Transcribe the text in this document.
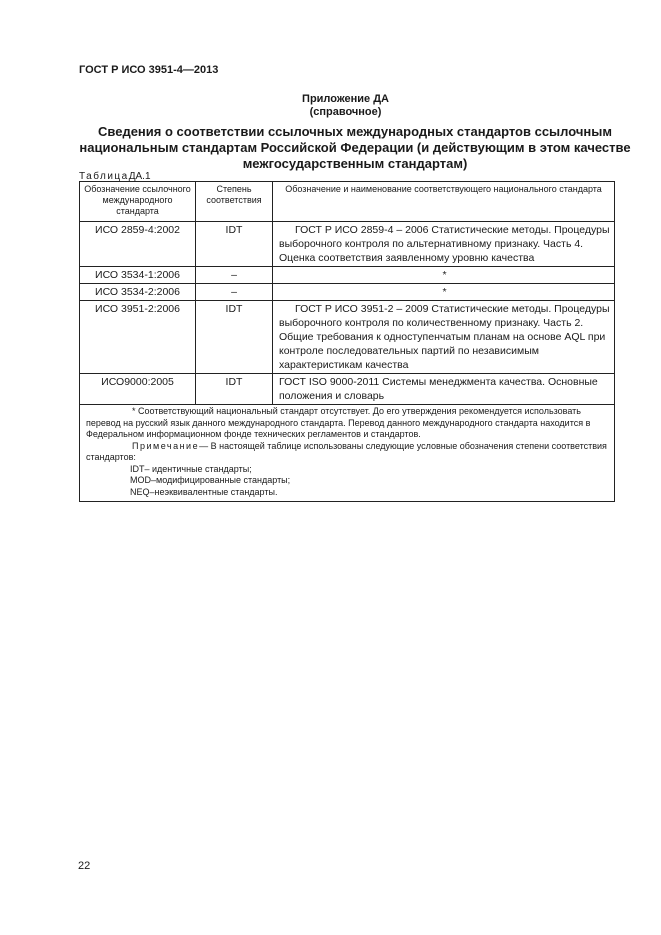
ГОСТ Р ИСО 3951-4—2013
Приложение ДА
(справочное)
Сведения о соответствии ссылочных международных стандартов ссылочным национальным стандартам Российской Федерации (и действующим в этом качестве межгосударственным стандартам)
ТаблицаДА.1
Обозначение ссылочного международного стандарта	Степень соответствия	Обозначение и наименование соответствующего национального стандарта
ИСО 2859-4:2002	IDT	ГОСТ Р ИСО 2859-4 – 2006 Статистические методы. Процедуры выборочного контроля по альтернативному признаку. Часть 4. Оценка соответствия заявленному уровню качества

ИСО 3534-1:2006	–	*
ИСО 3534-2:2006	–	*
ИСО 3951-2:2006	IDT	ГОСТ Р ИСО 3951-2 – 2009 Статистические методы. Процедуры выборочного контроля по количественному признаку. Часть 2. Общие требования к одноступенчатым планам на основе AQL при контроле последовательных партий по независимым характеристикам качества

ИСО9000:2005	IDT	ГОСТ ISO 9000-2011 Системы менеджмента качества. Основные положения и словарь

* Соответствующий национальный стандарт отсутствует. До его утверждения рекомендуется использовать перевод на русский язык данного международного стандарта. Перевод данного международного стандарта находится в Федеральном информационном фонде технических регламентов и стандартов.
Примечание— В настоящей таблице использованы следующие условные обозначения степени соответствия стандартов:
IDT– идентичные стандарты;
MOD–модифицированные стандарты;
NEQ–неэквивалентные стандарты.		
22
